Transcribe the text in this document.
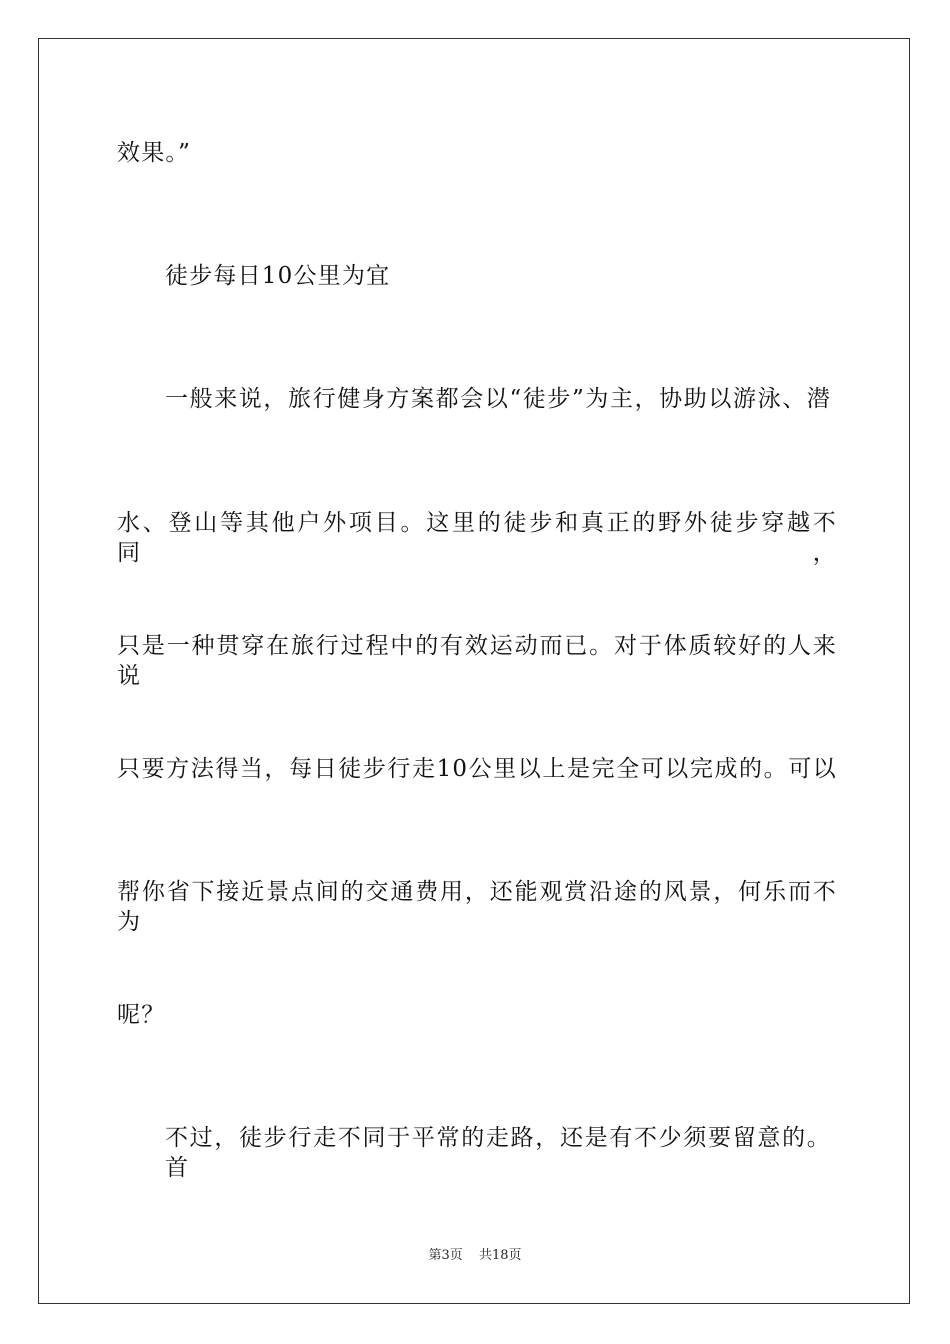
效果。”
徒步每日10公里为宜
一般来说，旅行健身方案都会以“徒步”为主，协助以游泳、潜
水、登山等其他户外项目。这里的徒步和真正的野外徒步穿越不同，
只是一种贯穿在旅行过程中的有效运动而已。对于体质较好的人来说
只要方法得当，每日徒步行走10公里以上是完全可以完成的。可以
帮你省下接近景点间的交通费用，还能观赏沿途的风景，何乐而不为
呢？
不过，徒步行走不同于平常的走路，还是有不少须要留意的。首
第3页 共18页
